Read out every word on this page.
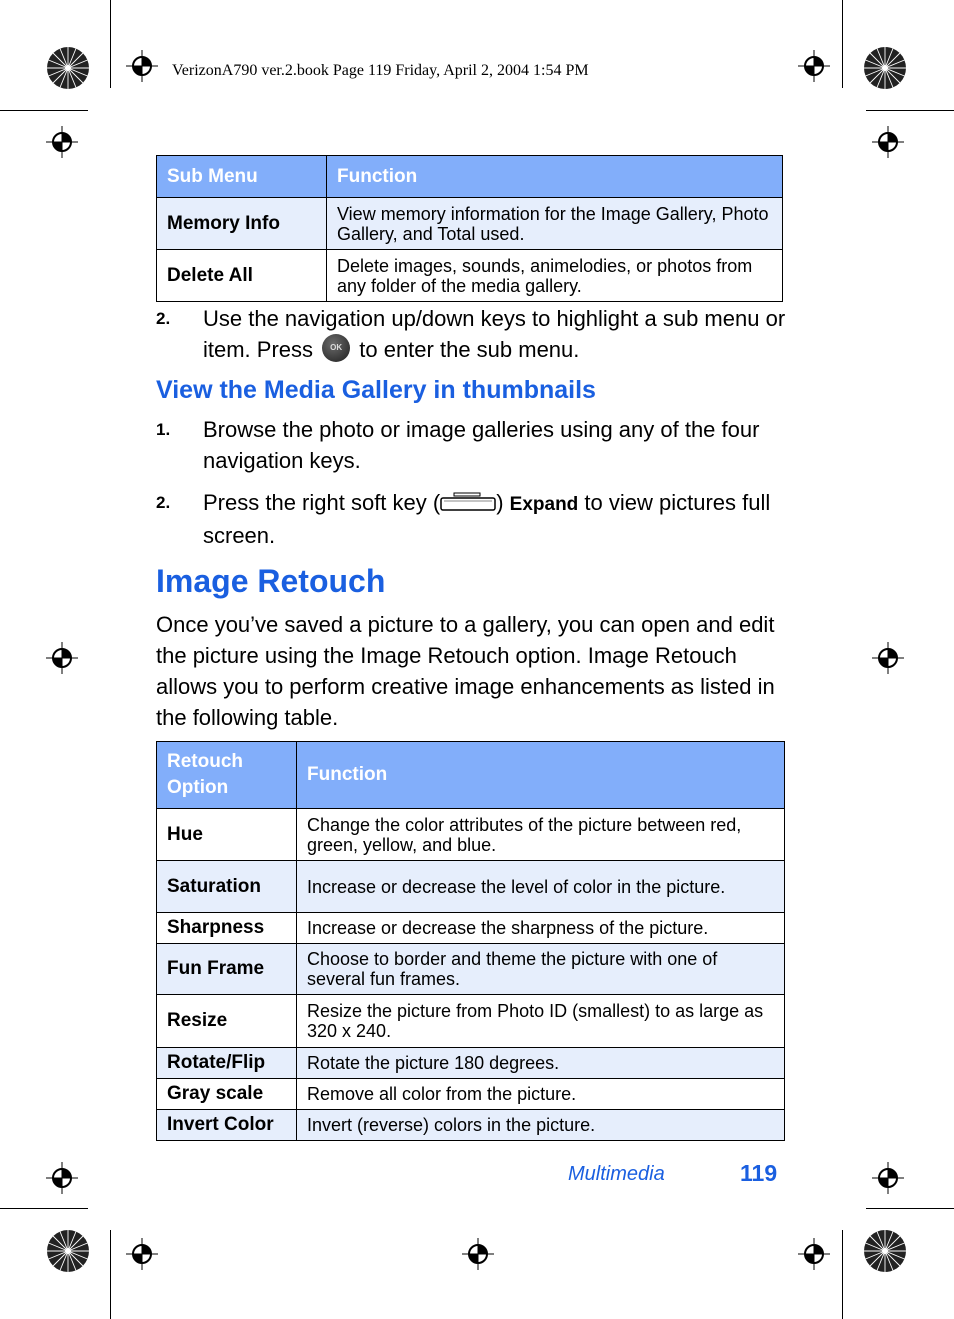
VerizonA790 ver.2.book Page 119 Friday, April 2, 2004 1:54 PM
Sub Menu	Function
Memory Info	View memory information for the Image Gallery, Photo Gallery, and Total used.
Delete All	Delete images, sounds, animelodies, or photos from any folder of the media gallery.
2. Use the navigation up/down keys to highlight a sub menu or item. Press OK to enter the sub menu.
View the Media Gallery in thumbnails
1. Browse the photo or image galleries using any of the four navigation keys.
2. Press the right soft key (	) Expand to view pictures full screen.
Image Retouch
Once you’ve saved a picture to a gallery, you can open and edit the picture using the Image Retouch option. Image Retouch allows you to perform creative image enhancements as listed in the following table.
Retouch Option	Function
Hue	Change the color attributes of the picture between red, green, yellow, and blue.
Saturation	Increase or decrease the level of color in the picture.
Sharpness	Increase or decrease the sharpness of the picture.
Fun Frame	Choose to border and theme the picture with one of several fun frames.
Resize	Resize the picture from Photo ID (smallest) to as large as 320 x 240.
Rotate/Flip	Rotate the picture 180 degrees.
Gray scale	Remove all color from the picture.
Invert Color	Invert (reverse) colors in the picture.
Multimedia	119
